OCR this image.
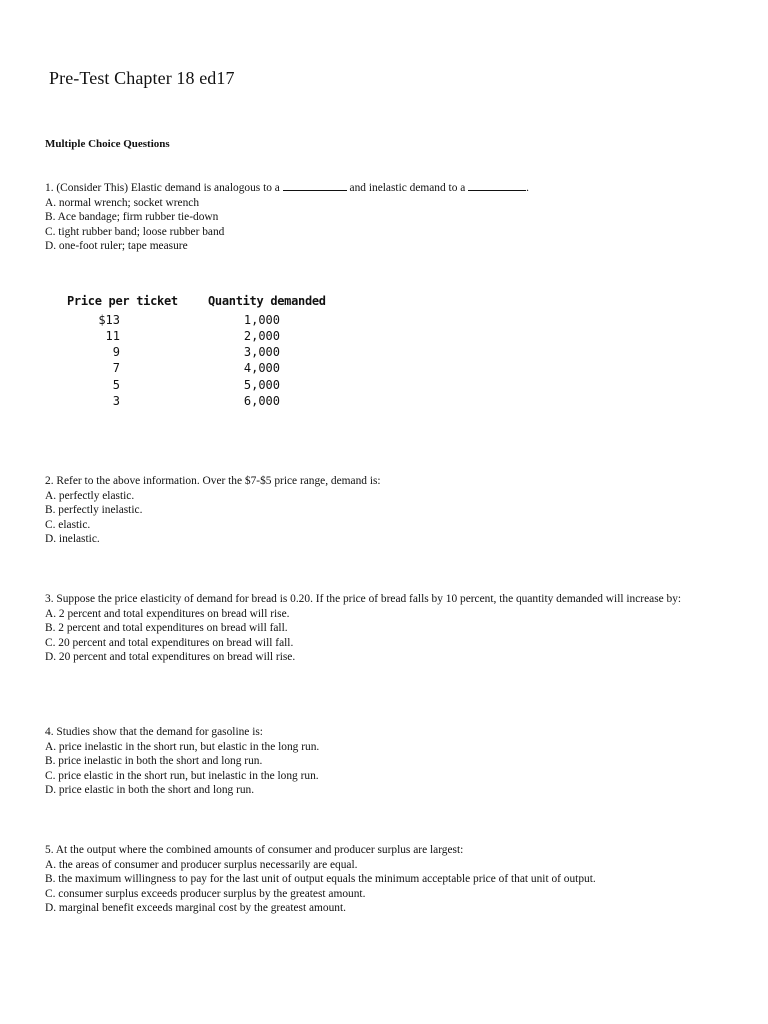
Pre-Test Chapter 18 ed17
Multiple Choice Questions
1. (Consider This) Elastic demand is analogous to a	and inelastic demand to a	.
A. normal wrench; socket wrench
B. Ace bandage; firm rubber tie-down
C. tight rubber band; loose rubber band
D. one-foot ruler; tape measure
Price per ticket	Quantity demanded
$13	1,000
11	2,000
9	3,000
7	4,000
5	5,000
3	6,000
2. Refer to the above information. Over the $7-$5 price range, demand is:
A. perfectly elastic.
B. perfectly inelastic.
C. elastic.
D. inelastic.
3. Suppose the price elasticity of demand for bread is 0.20. If the price of bread falls by 10 percent, the quantity demanded will increase by:
A. 2 percent and total expenditures on bread will rise.
B. 2 percent and total expenditures on bread will fall.
C. 20 percent and total expenditures on bread will fall.
D. 20 percent and total expenditures on bread will rise.
4. Studies show that the demand for gasoline is:
A. price inelastic in the short run, but elastic in the long run.
B. price inelastic in both the short and long run.
C. price elastic in the short run, but inelastic in the long run.
D. price elastic in both the short and long run.
5. At the output where the combined amounts of consumer and producer surplus are largest:
A. the areas of consumer and producer surplus necessarily are equal.
B. the maximum willingness to pay for the last unit of output equals the minimum acceptable price of that unit of output.
C. consumer surplus exceeds producer surplus by the greatest amount.
D. marginal benefit exceeds marginal cost by the greatest amount.
